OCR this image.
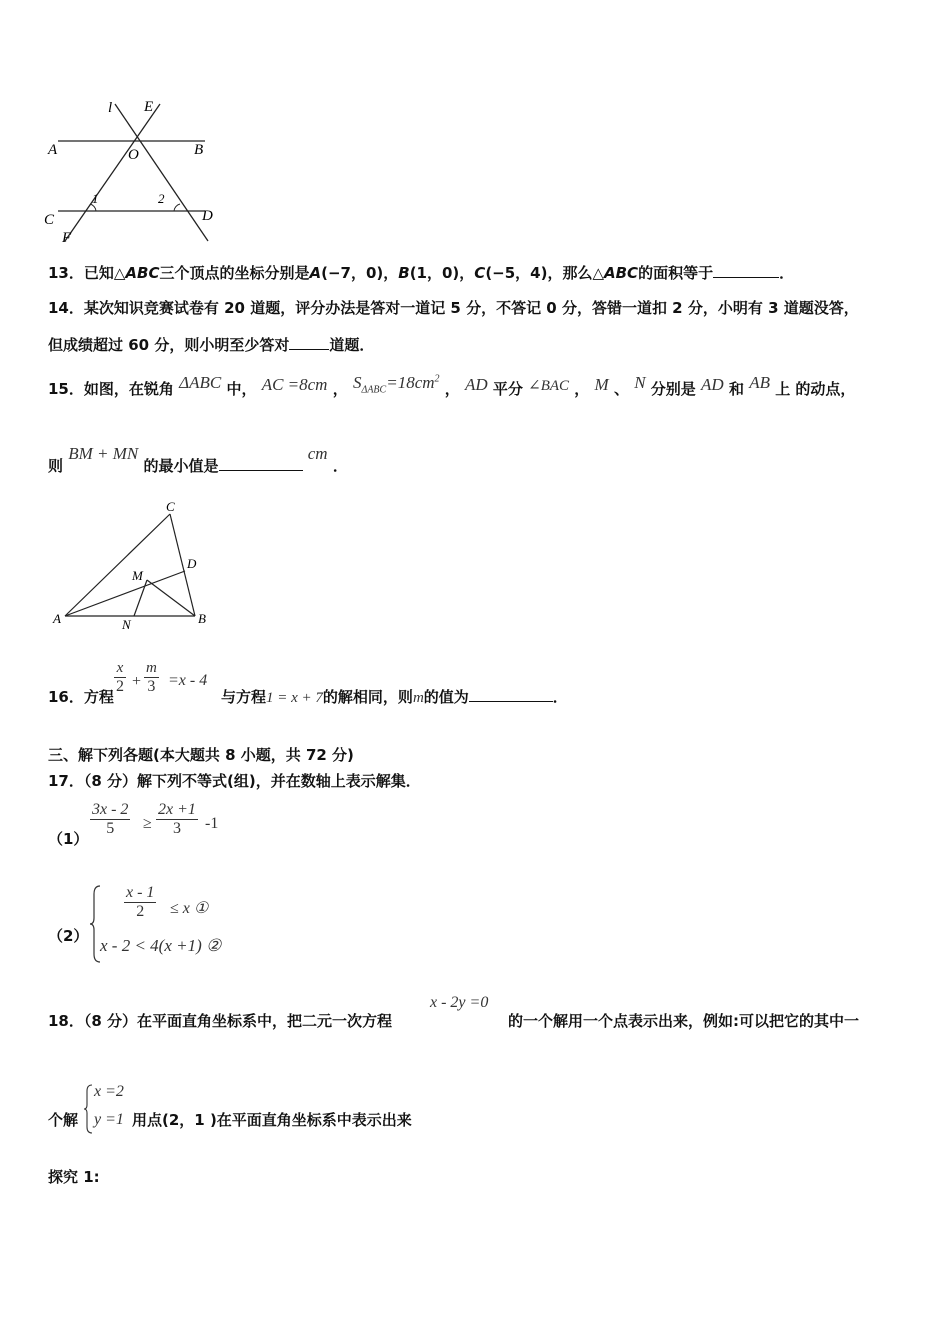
l E
A	O	B
C	D
F
1	2
13．已知△ABC三个顶点的坐标分别是A(−7，0)，B(1，0)，C(−5，4)，那么△ABC的面积等于	．
14．某次知识竞赛试卷有 20 道题，评分办法是答对一道记 5 分，不答记 0 分，答错一道扣 2 分，小明有 3 道题没答，
但成绩超过 60 分，则小明至少答对	道题．
15．如图，在锐角 ΔABC 中， AC =8cm ， $S_{\Delta ABC}=18cm^2$ ， AD 平分 ∠BAC ， M 、 N 分别是 AD 和 AB 上 的动点，
则 BM + MN 的最小值是 cm ．
C
D
M
A	N	B
16．方程
$\frac{x}{2} + \frac{m}{3} =x - 4$
与方程1 = x + 7的解相同，则m的值为	．
三、解下列各题(本大题共 8 小题，共 72 分)
17．（8 分）解下列不等式(组)，并在数轴上表示解集．
（1）
$\frac{3x - 2}{5} \ge \frac{2x +1}{3} -1$
（2）
$\frac{x - 1}{2} \le x$ ①
x - 2 < 4(x +1) ②
18．（8 分）在平面直角坐标系中，把二元一次方程
x - 2y =0
的一个解用一个点表示出来，例如:可以把它的其中一
个解
x =2
y =1 用点(2，1 )在平面直角坐标系中表示出来
探究 1:
